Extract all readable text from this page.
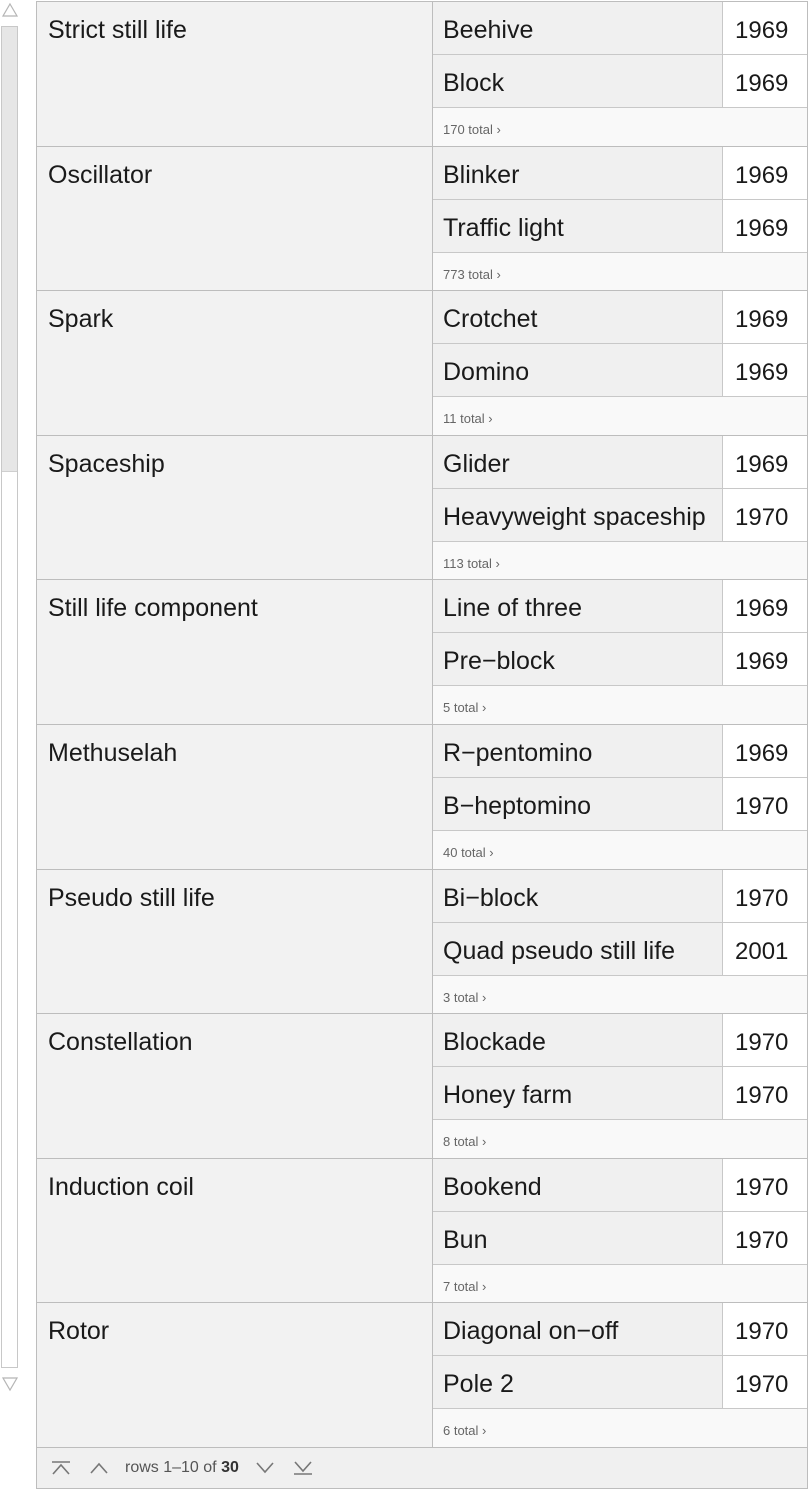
Strict still life	Beehive	1969
Block	1969
170 total ›
Oscillator	Blinker	1969
Traffic light	1969
773 total ›
Spark	Crotchet	1969
Domino	1969
11 total ›
Spaceship	Glider	1969
Heavyweight spaceship	1970
113 total ›
Still life component	Line of three	1969
Pre−block	1969
5 total ›
Methuselah	R−pentomino	1969
B−heptomino	1970
40 total ›
Pseudo still life	Bi−block	1970
Quad pseudo still life	2001
3 total ›
Constellation	Blockade	1970
Honey farm	1970
8 total ›
Induction coil	Bookend	1970
Bun	1970
7 total ›
Rotor	Diagonal on−off	1970
Pole 2	1970
6 total ›
rows 1–10 of 30
